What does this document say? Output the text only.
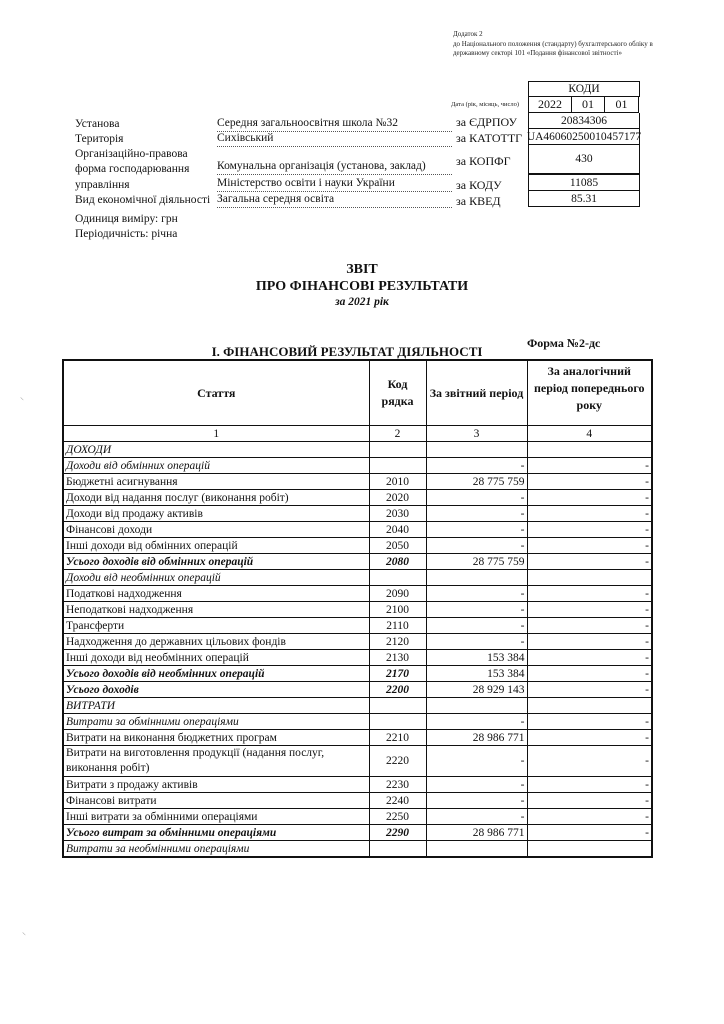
Додаток 2
до Національного положення (стандарту) бухгалтерського обліку в державному секторі 101 «Подання фінансової звітності»
КОДИ
Дата (рік, місяць, число)	2022	01	01
за ЄДРПОУ	20834306
за КАТОТТГ UA46060250010457177
за КОПФГ	430
за КОДУ	11085
за КВЕД	85.31
Установа	Середня загальноосвітня школа №32
Територія	Сихівський
Організаційно-правова
форма господарювання Комунальна організація (установа, заклад)
управління	Міністерство освіти і науки України
Вид економічної діяльності Загальна середня освіта
Одиниця виміру: грн
Періодичність: річна
ЗВІТ
ПРО ФІНАНСОВІ РЕЗУЛЬТАТИ
за 2021 рік
Форма №2-дс
І. ФІНАНСОВИЙ РЕЗУЛЬТАТ ДІЯЛЬНОСТІ
Стаття	Код рядка	За звітний період	За аналогічний період попереднього року
1	2	3	4
ДОХОДИ			
Доходи від обмінних операцій		-	-
Бюджетні асигнування	2010	28 775 759	-
Доходи від надання послуг (виконання робіт)	2020	-	-
Доходи від продажу активів	2030	-	-
Фінансові доходи	2040	-	-
Інші доходи від обмінних операцій	2050	-	-
Усього доходів від обмінних операцій	2080	28 775 759	-
Доходи від необмінних операцій			
Податкові надходження	2090	-	-
Неподаткові надходження	2100	-	-
Трансферти	2110	-	-
Надходження до державних цільових фондів	2120	-	-
Інші доходи від необмінних операцій	2130	153 384	-
Усього доходів від необмінних операцій	2170	153 384	-
Усього доходів	2200	28 929 143	-
ВИТРАТИ			
Витрати за обмінними операціями		-	-
Витрати на виконання бюджетних програм	2210	28 986 771	-
Витрати на виготовлення продукції (надання послуг, виконання робіт)	2220	-	-
Витрати з продажу активів	2230	-	-
Фінансові витрати	2240	-	-
Інші витрати за обмінними операціями	2250	-	-
Усього витрат за обмінними операціями	2290	28 986 771	-
Витрати за необмінними операціями			
⸌
⸌
